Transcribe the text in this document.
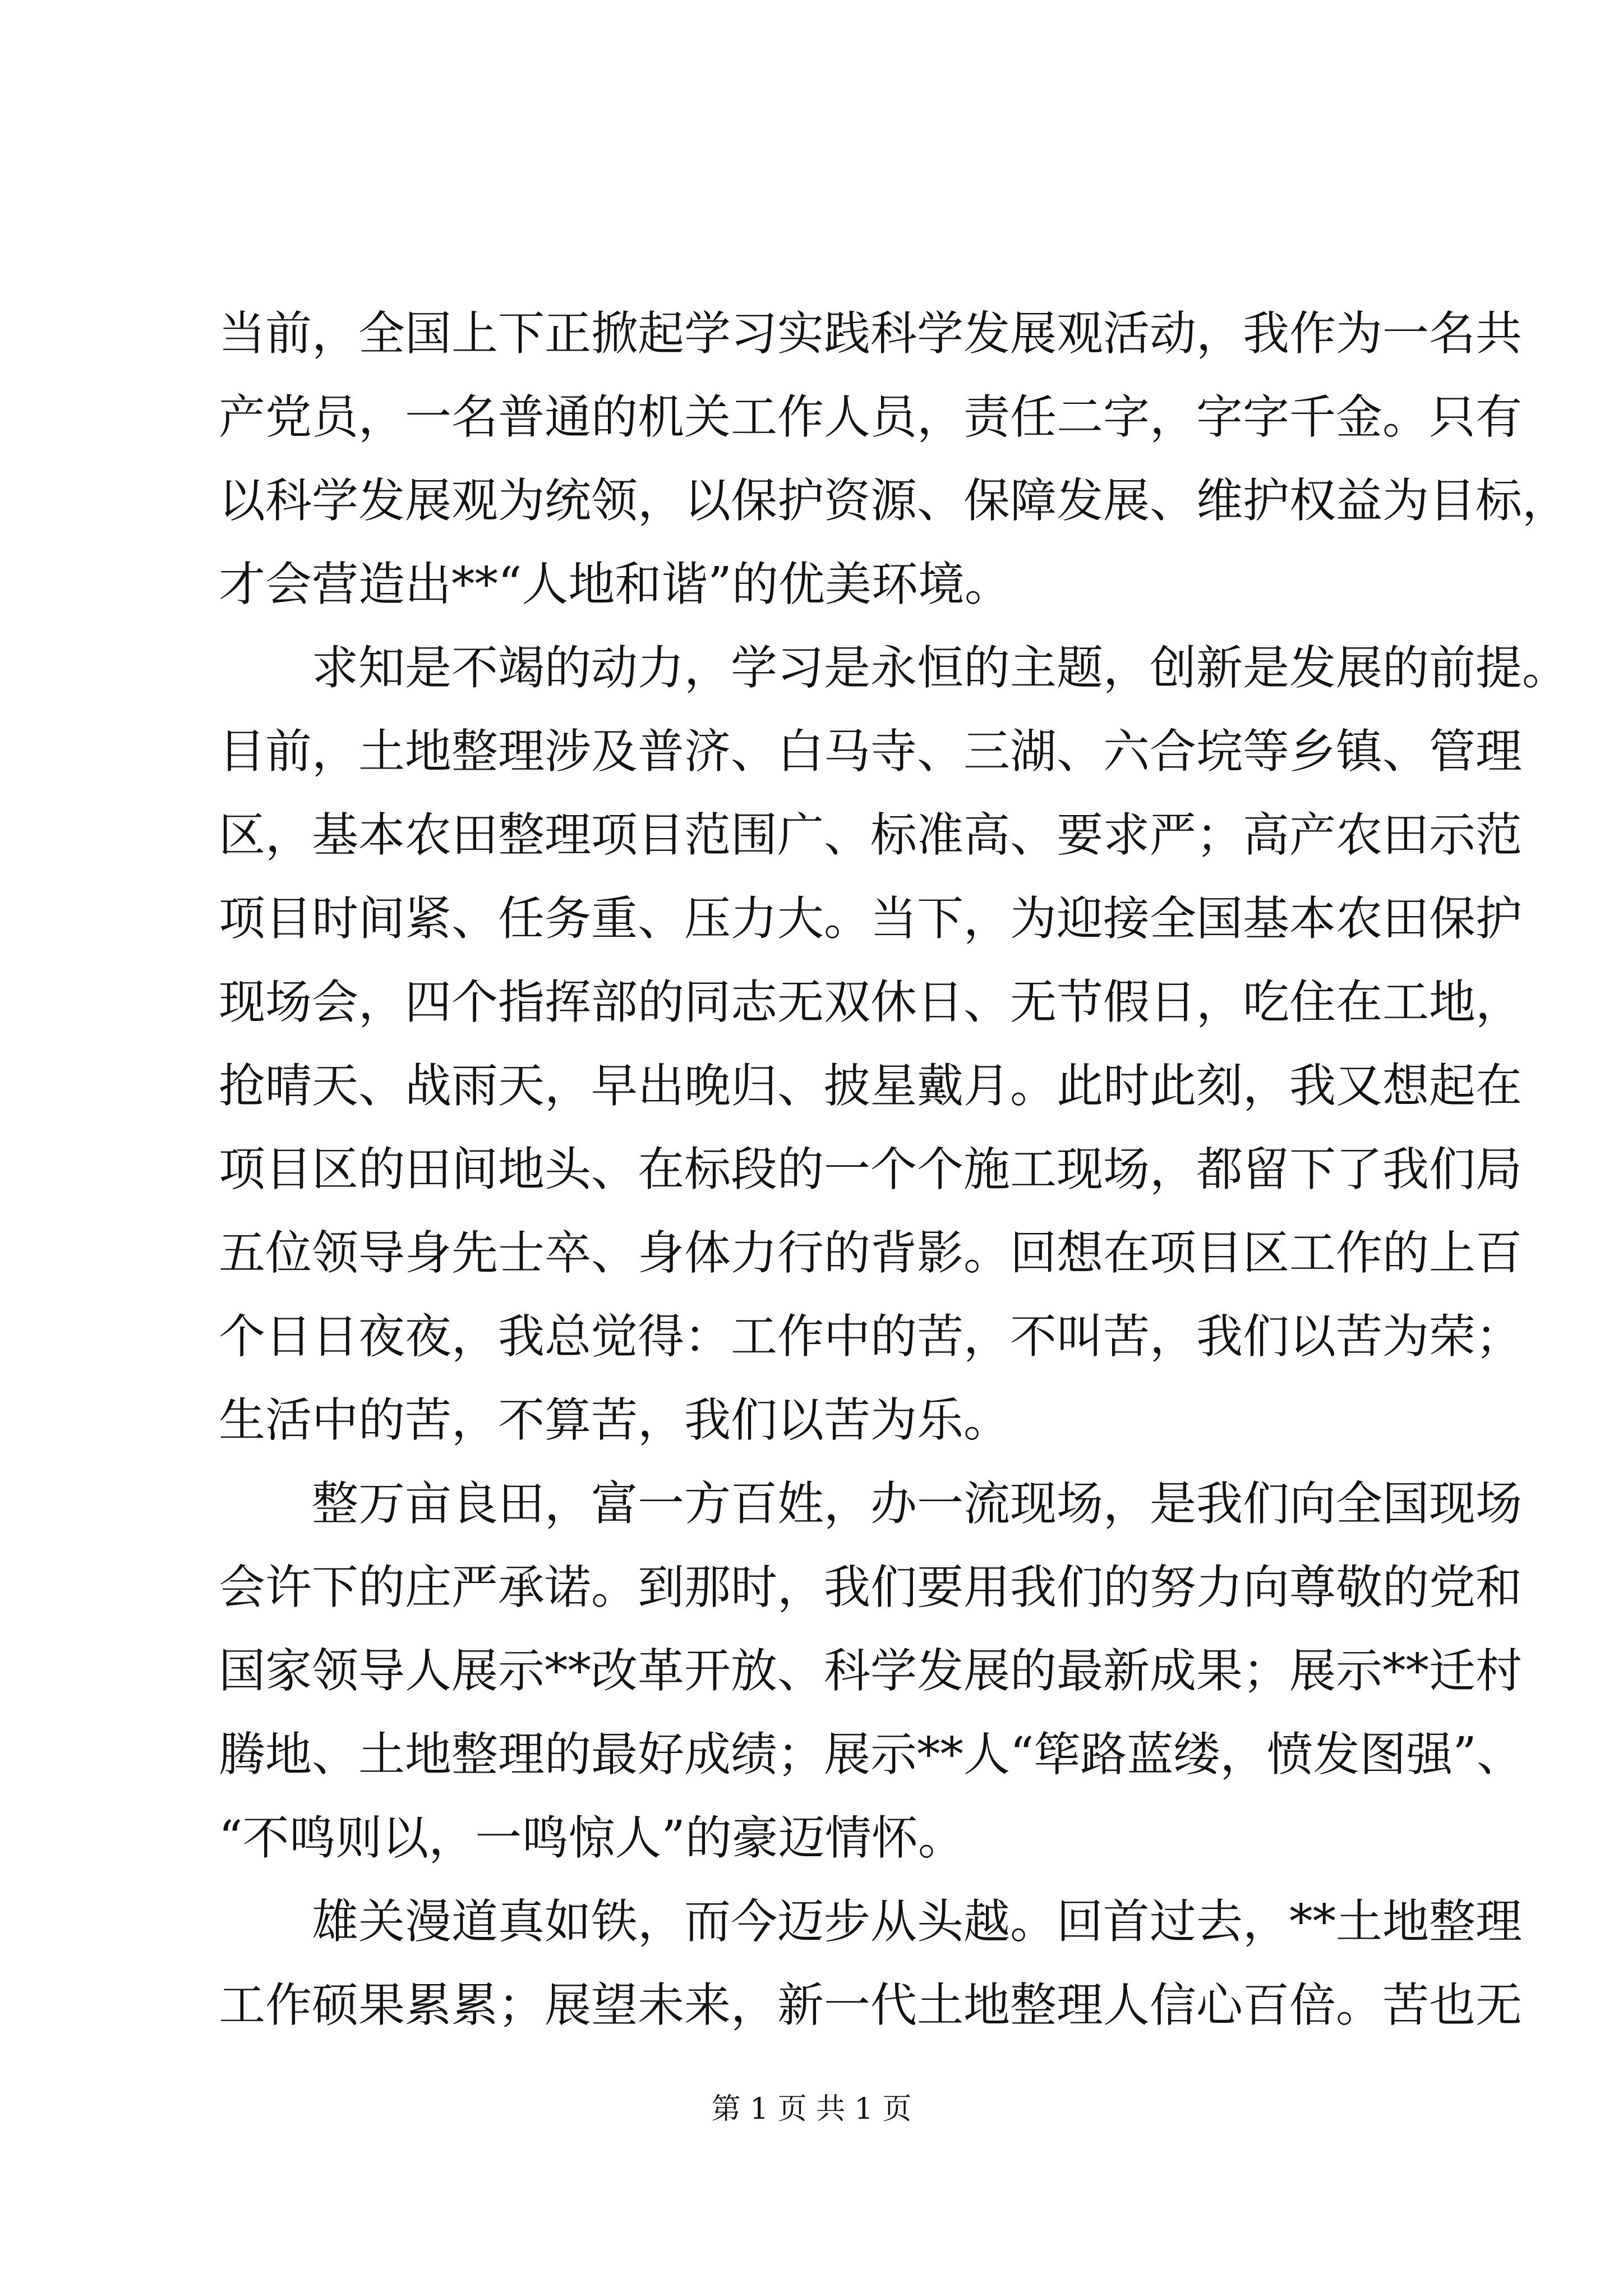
当前，全国上下正掀起学习实践科学发展观活动，我作为一名共
产党员，一名普通的机关工作人员，责任二字，字字千金。只有
以科学发展观为统领，以保护资源、保障发展、维护权益为目标，
才会营造出**“人地和谐”的优美环境。
求知是不竭的动力，学习是永恒的主题，创新是发展的前提。
目前，土地整理涉及普济、白马寺、三湖、六合垸等乡镇、管理
区，基本农田整理项目范围广、标准高、要求严；高产农田示范
项目时间紧、任务重、压力大。当下，为迎接全国基本农田保护
现场会，四个指挥部的同志无双休日、无节假日，吃住在工地，
抢晴天、战雨天，早出晚归、披星戴月。此时此刻，我又想起在
项目区的田间地头、在标段的一个个施工现场，都留下了我们局
五位领导身先士卒、身体力行的背影。回想在项目区工作的上百
个日日夜夜，我总觉得：工作中的苦，不叫苦，我们以苦为荣；
生活中的苦，不算苦，我们以苦为乐。
整万亩良田，富一方百姓，办一流现场，是我们向全国现场
会许下的庄严承诺。到那时，我们要用我们的努力向尊敬的党和
国家领导人展示**改革开放、科学发展的最新成果；展示**迁村
腾地、土地整理的最好成绩；展示**人“筚路蓝缕，愤发图强”、
“不鸣则以，一鸣惊人”的豪迈情怀。
雄关漫道真如铁，而今迈步从头越。回首过去，**土地整理
工作硕果累累；展望未来，新一代土地整理人信心百倍。苦也无
第 1 页 共 1 页
